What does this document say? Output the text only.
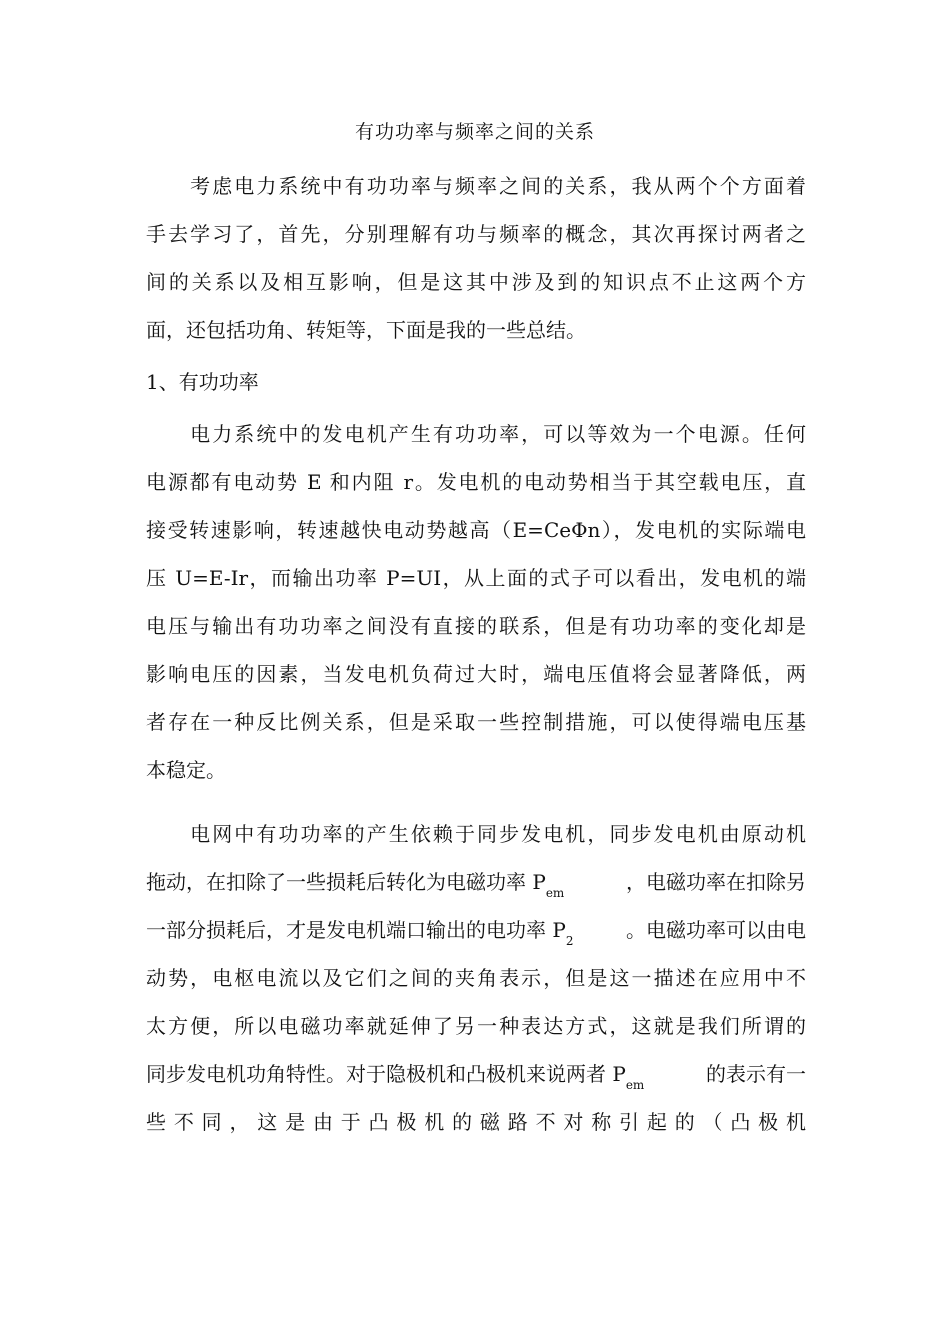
有功功率与频率之间的关系
　　考虑电力系统中有功功率与频率之间的关系，我从两个个方面着
手去学习了，首先，分别理解有功与频率的概念，其次再探讨两者之
间的关系以及相互影响，但是这其中涉及到的知识点不止这两个方
面，还包括功角、转矩等，下面是我的一些总结。
1、有功功率
　　电力系统中的发电机产生有功功率，可以等效为一个电源。任何
电源都有电动势 E 和内阻 r。发电机的电动势相当于其空载电压，直
接受转速影响，转速越快电动势越高（E=CeΦn），发电机的实际端电
压 U=E-Ir，而输出功率 P=UI，从上面的式子可以看出，发电机的端
电压与输出有功功率之间没有直接的联系，但是有功功率的变化却是
影响电压的因素，当发电机负荷过大时，端电压值将会显著降低，两
者存在一种反比例关系，但是采取一些控制措施，可以使得端电压基
本稳定。
　　电网中有功功率的产生依赖于同步发电机，同步发电机由原动机
拖动，在扣除了一些损耗后转化为电磁功率 $P_{em}$	，电磁功率在扣除另
一部分损耗后，才是发电机端口输出的电功率 $P_2$	。电磁功率可以由电
动势，电枢电流以及它们之间的夹角表示，但是这一描述在应用中不
太方便，所以电磁功率就延伸了另一种表达方式，这就是我们所谓的
同步发电机功角特性。对于隐极机和凸极机来说两者 $P_{em}$	的表示有一
些不同，这是由于凸极机的磁路不对称引起的（凸极机
